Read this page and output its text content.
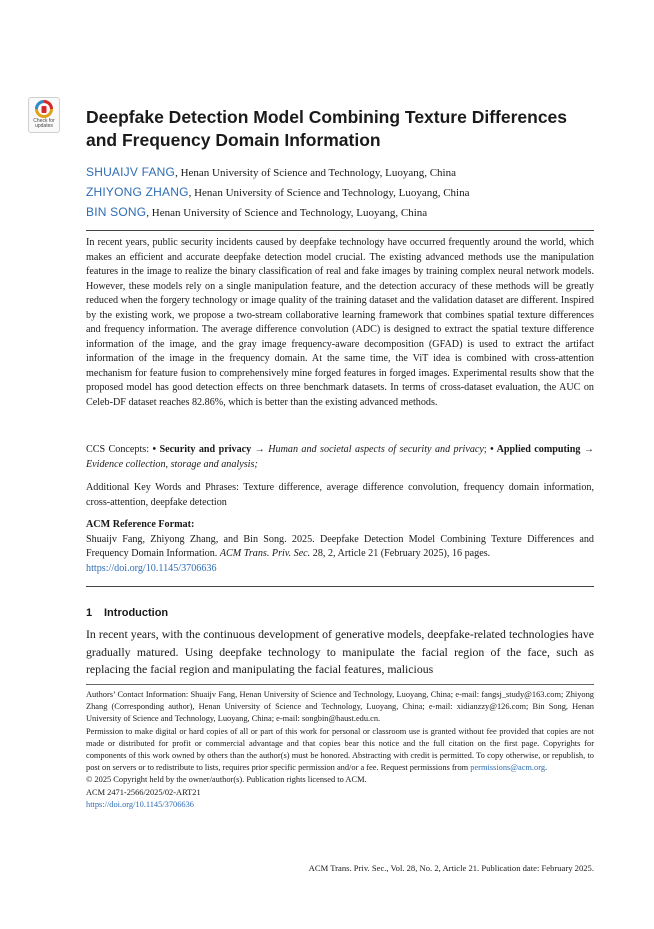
Check for
updates Deepfake Detection Model Combining Texture Differences
and Frequency Domain Information
SHUAIJV FANG, Henan University of Science and Technology, Luoyang, China
ZHIYONG ZHANG, Henan University of Science and Technology, Luoyang, China
BIN SONG, Henan University of Science and Technology, Luoyang, China

In recent years, public security incidents caused by deepfake technology have occurred frequently around the world, which makes an efficient and accurate deepfake detection model crucial. The existing advanced methods use the manipulation features in the image to realize the binary classification of real and fake images by training complex neural network models. However, these models rely on a single manipulation feature, and the detection accuracy of these methods will be greatly reduced when the forgery technology or image quality of the training dataset and the validation dataset are different. Inspired by the existing work, we propose a two-stream collaborative learning framework that combines spatial texture differences and frequency information. The average difference convolution (ADC) is designed to extract the spatial texture difference information of the image, and the gray image frequency-aware decomposition (GFAD) is used to extract the artifact information of the image in the frequency domain. At the same time, the ViT idea is combined with cross-attention mechanism for feature fusion to comprehensively mine forged features in forged images. Experimental results show that the proposed model has good detection effects on three benchmark datasets. In terms of cross-dataset evaluation, the AUC on Celeb-DF dataset reaches 82.86%, which is better than the existing advanced methods.

CCS Concepts: • Security and privacy → Human and societal aspects of security and privacy; • Applied computing → Evidence collection, storage and analysis;

Additional Key Words and Phrases: Texture difference, average difference convolution, frequency domain information, cross-attention, deepfake detection

ACM Reference Format:

Shuaijv Fang, Zhiyong Zhang, and Bin Song. 2025. Deepfake Detection Model Combining Texture Differences and Frequency Domain Information. ACM Trans. Priv. Sec. 28, 2, Article 21 (February 2025), 16 pages.

https://doi.org/10.1145/3706636

1 Introduction

In recent years, with the continuous development of generative models, deepfake-related technologies have gradually matured. Using deepfake technology to manipulate the facial region of the face, such as replacing the facial region and manipulating the facial features, malicious

Authors’ Contact Information: Shuaijv Fang, Henan University of Science and Technology, Luoyang, China; e-mail: fangsj_study@163.com; Zhiyong Zhang (Corresponding author), Henan University of Science and Technology, Luoyang, China; e-mail: xidianzzy@126.com; Bin Song, Henan University of Science and Technology, Luoyang, China; e-mail: songbin@haust.edu.cn.

Permission to make digital or hard copies of all or part of this work for personal or classroom use is granted without fee provided that copies are not made or distributed for profit or commercial advantage and that copies bear this notice and the full citation on the first page. Copyrights for components of this work owned by others than the author(s) must be honored. Abstracting with credit is permitted. To copy otherwise, or republish, to post on servers or to redistribute to lists, requires prior specific permission and/or a fee. Request permissions from permissions@acm.org.

© 2025 Copyright held by the owner/author(s). Publication rights licensed to ACM.

ACM 2471-2566/2025/02-ART21

https://doi.org/10.1145/3706636

ACM Trans. Priv. Sec., Vol. 28, No. 2, Article 21. Publication date: February 2025.
